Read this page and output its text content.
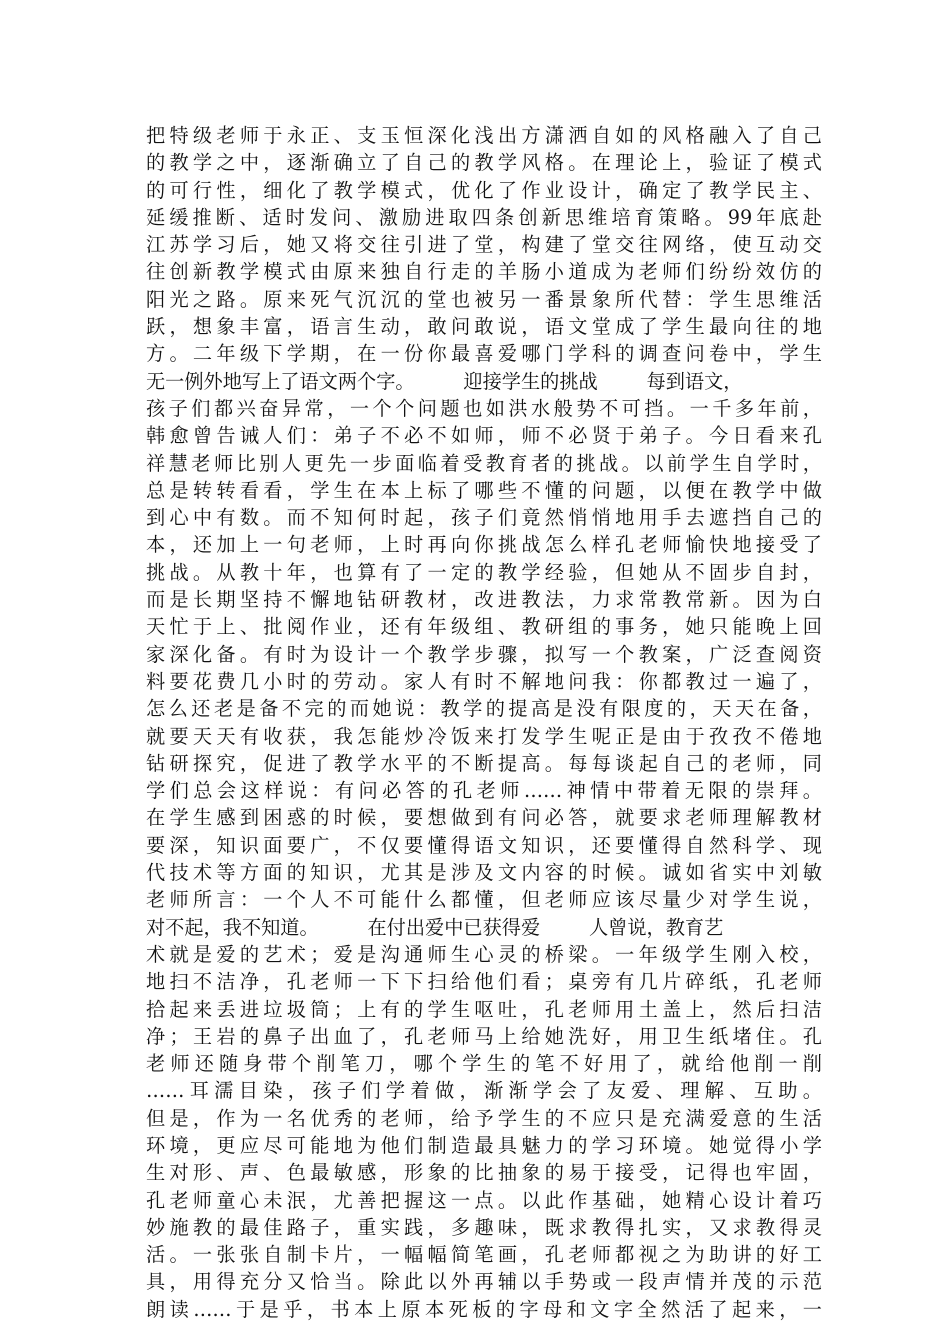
把特级老师于永正、支玉恒深化浅出方潇洒自如的风格融入了自己
的教学之中，逐渐确立了自己的教学风格。在理论上，验证了模式
的可行性，细化了教学模式，优化了作业设计，确定了教学民主、
延缓推断、适时发问、激励进取四条创新思维培育策略。99年底赴
江苏学习后，她又将交往引进了堂，构建了堂交往网络，使互动交
往创新教学模式由原来独自行走的羊肠小道成为老师们纷纷效仿的
阳光之路。原来死气沉沉的堂也被另一番景象所代替：学生思维活
跃，想象丰富，语言生动，敢问敢说，语文堂成了学生最向往的地
方。二年级下学期，在一份你最喜爱哪门学科的调查问卷中，学生
无一例外地写上了语文两个字。        迎接学生的挑战        每到语文，
孩子们都兴奋异常，一个个问题也如洪水般势不可挡。一千多年前，
韩愈曾告诫人们：弟子不必不如师，师不必贤于弟子。今日看来孔
祥慧老师比别人更先一步面临着受教育者的挑战。以前学生自学时，
总是转转看看，学生在本上标了哪些不懂的问题，以便在教学中做
到心中有数。而不知何时起，孩子们竟然悄悄地用手去遮挡自己的
本，还加上一句老师，上时再向你挑战怎么样孔老师愉快地接受了
挑战。从教十年，也算有了一定的教学经验，但她从不固步自封，
而是长期坚持不懈地钻研教材，改进教法，力求常教常新。因为白
天忙于上、批阅作业，还有年级组、教研组的事务，她只能晚上回
家深化备。有时为设计一个教学步骤，拟写一个教案，广泛查阅资
料要花费几小时的劳动。家人有时不解地问我：你都教过一遍了，
怎么还老是备不完的而她说：教学的提高是没有限度的，天天在备，
就要天天有收获，我怎能炒冷饭来打发学生呢正是由于孜孜不倦地
钻研探究，促进了教学水平的不断提高。每每谈起自己的老师，同
学们总会这样说：有问必答的孔老师……神情中带着无限的崇拜。
在学生感到困惑的时候，要想做到有问必答，就要求老师理解教材
要深，知识面要广，不仅要懂得语文知识，还要懂得自然科学、现
代技术等方面的知识，尤其是涉及文内容的时候。诚如省实中刘敏
老师所言：一个人不可能什么都懂，但老师应该尽量少对学生说，
对不起，我不知道。        在付出爱中已获得爱        人曾说，教育艺
术就是爱的艺术；爱是沟通师生心灵的桥梁。一年级学生刚入校，
地扫不洁净，孔老师一下下扫给他们看；桌旁有几片碎纸，孔老师
拾起来丢进垃圾筒；上有的学生呕吐，孔老师用土盖上，然后扫洁
净；王岩的鼻子出血了，孔老师马上给她洗好，用卫生纸堵住。孔
老师还随身带个削笔刀，哪个学生的笔不好用了，就给他削一削
……耳濡目染，孩子们学着做，渐渐学会了友爱、理解、互助。
但是，作为一名优秀的老师，给予学生的不应只是充满爱意的生活
环境，更应尽可能地为他们制造最具魅力的学习环境。她觉得小学
生对形、声、色最敏感，形象的比抽象的易于接受，记得也牢固，
孔老师童心未泯，尤善把握这一点。以此作基础，她精心设计着巧
妙施教的最佳路子，重实践，多趣味，既求教得扎实，又求教得灵
活。一张张自制卡片，一幅幅简笔画，孔老师都视之为助讲的好工
具，用得充分又恰当。除此以外再辅以手势或一段声情并茂的示范
朗读……于是乎，书本上原本死板的字母和文字全然活了起来，一
